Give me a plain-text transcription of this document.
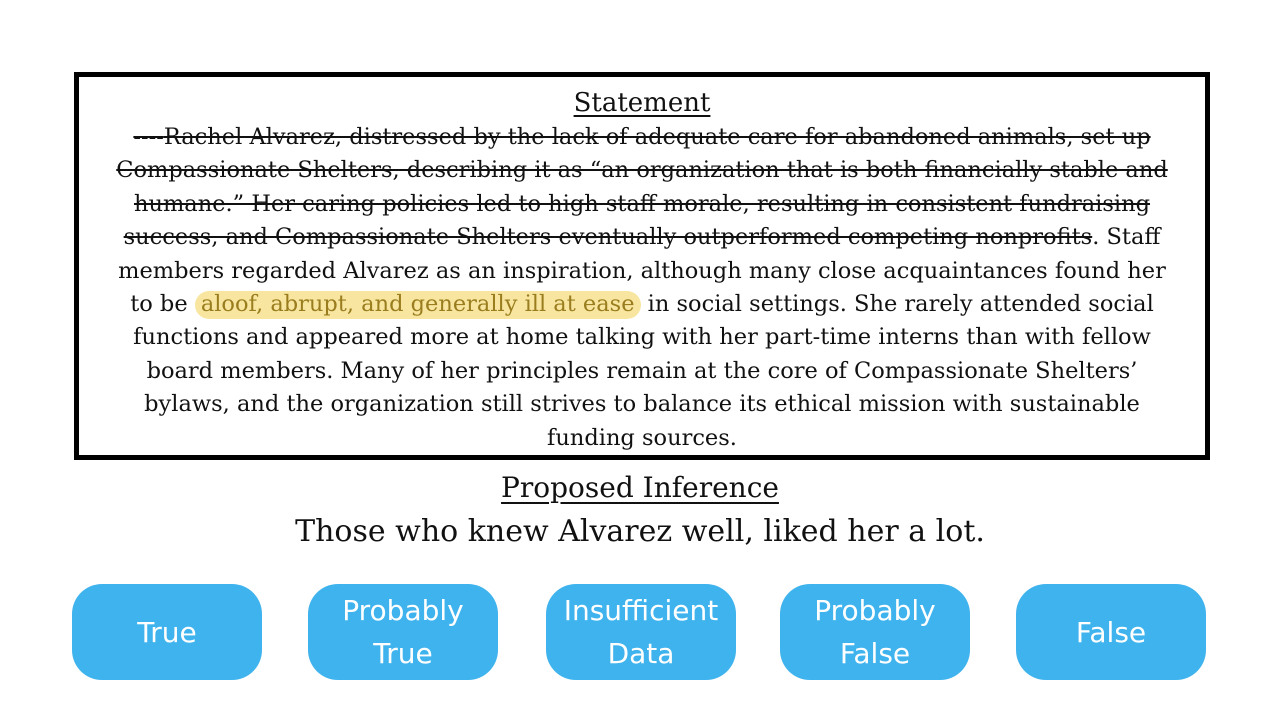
Statement
----Rachel Alvarez, distressed by the lack of adequate care for abandoned animals, set up Compassionate Shelters, describing it as “an organization that is both financially stable and humane.” Her caring policies led to high staff morale, resulting in consistent fundraising success, and Compassionate Shelters eventually outperformed competing nonprofits. Staff members regarded Alvarez as an inspiration, although many close acquaintances found her to be aloof, abrupt, and generally ill at ease in social settings. She rarely attended social functions and appeared more at home talking with her part-time interns than with fellow board members. Many of her principles remain at the core of Compassionate Shelters’ bylaws, and the organization still strives to balance its ethical mission with sustainable funding sources.
Proposed Inference
Those who knew Alvarez well, liked her a lot.
True
Probably
True
Insufficient
Data
Probably
False
False
